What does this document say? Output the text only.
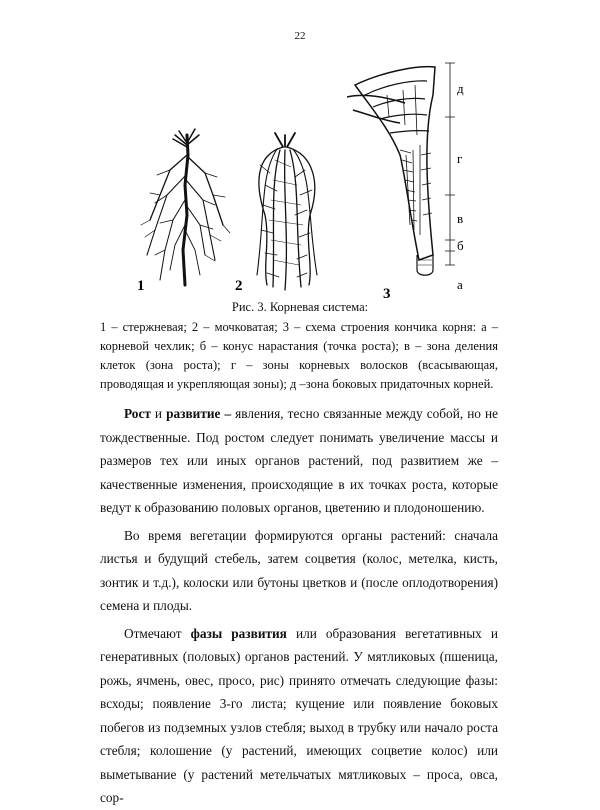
22
1	2	3
д
г
в
б
а
Рис. 3. Корневая система:
1 – стержневая; 2 – мочковатая; 3 – схема строения кончика корня: а – корневой чехлик; б – конус нарастания (точка роста); в – зона деления клеток (зона роста); г – зоны корневых волосков (всасывающая, проводящая и укрепляющая зоны); д –зона боковых придаточных корней.

Рост и развитие – явления, тесно связанные между собой, но не тождественные. Под ростом следует понимать увеличение массы и размеров тех или иных органов растений, под развитием же – качественные изменения, происходящие в их точках роста, которые ведут к образованию половых органов, цветению и плодоношению.

Во время вегетации формируются органы растений: сначала листья и будущий стебель, затем соцветия (колос, метелка, кисть, зонтик и т.д.), колоски или бутоны цветков и (после оплодотворения) семена и плоды.

Отмечают фазы развития или образования вегетативных и генеративных (половых) органов растений. У мятликовых (пшеница, рожь, ячмень, овес, просо, рис) принято отмечать следующие фазы: всходы; появление 3-го листа; кущение или появление боковых побегов из подземных узлов стебля; выход в трубку или начало роста стебля; колошение (у растений, имеющих соцветие колос) или выметывание (у растений метельчатых мятликовых – проса, овса, сор-
